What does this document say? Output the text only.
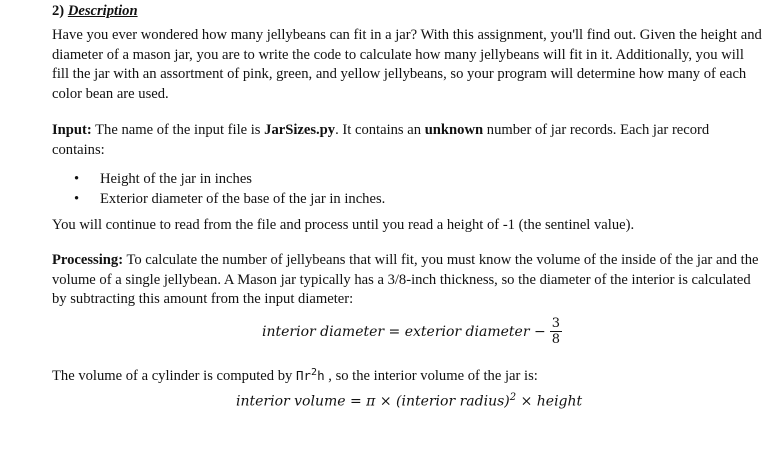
2) Description
Have you ever wondered how many jellybeans can fit in a jar? With this assignment, you'll find out. Given the height and diameter of a mason jar, you are to write the code to calculate how many jellybeans will fit in it. Additionally, you will fill the jar with an assortment of pink, green, and yellow jellybeans, so your program will determine how many of each color bean are used.
Input: The name of the input file is JarSizes.py. It contains an unknown number of jar records. Each jar record contains:
• Height of the jar in inches
• Exterior diameter of the base of the jar in inches.
You will continue to read from the file and process until you read a height of -1 (the sentinel value).
Processing: To calculate the number of jellybeans that will fit, you must know the volume of the inside of the jar and the volume of a single jellybean. A Mason jar typically has a 3/8-inch thickness, so the diameter of the interior is calculated by subtracting this amount from the input diameter:
interior diameter = exterior diameter − $\frac{3}{8}$
The volume of a cylinder is computed by $\Pi r^2h$ , so the interior volume of the jar is:
interior volume = π × (interior radius)$^2$ × height
